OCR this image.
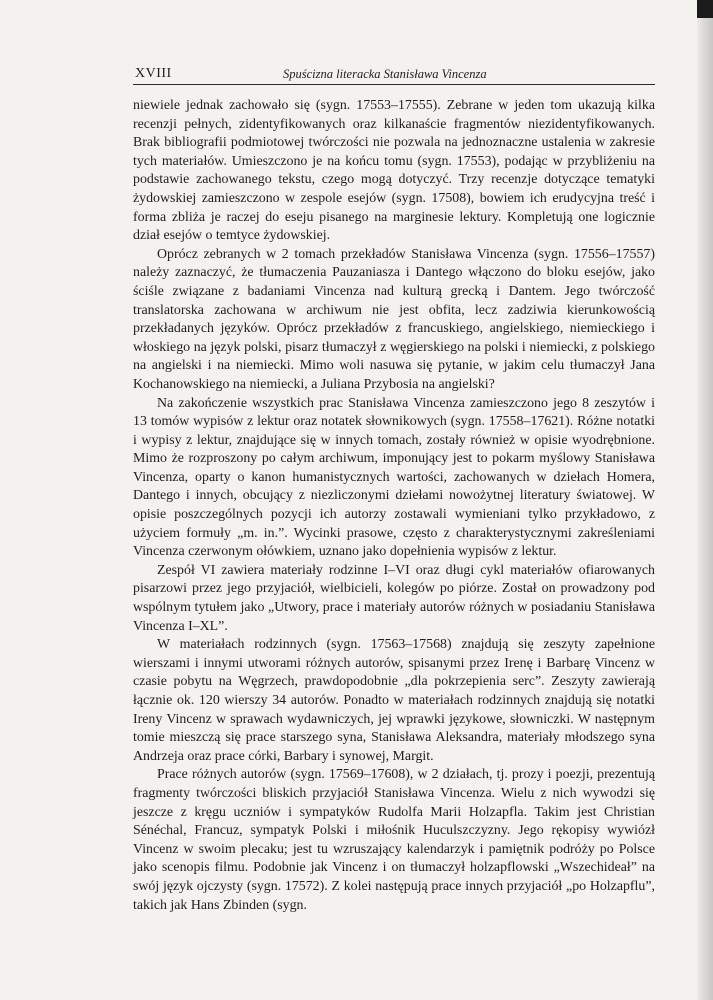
XVIII	Spuścizna literacka Stanisława Vincenza

niewiele jednak zachowało się (sygn. 17553–17555). Zebrane w jeden tom ukazują kilka recenzji pełnych, zidentyfikowanych oraz kilkanaście fragmentów niezidentyfikowanych. Brak bibliografii podmiotowej twórczości nie pozwala na jednoznaczne ustalenia w zakresie tych materiałów. Umieszczono je na końcu tomu (sygn. 17553), podając w przybliżeniu na podstawie zachowanego tekstu, czego mogą dotyczyć. Trzy recenzje dotyczące tematyki żydowskiej zamieszczono w zespole esejów (sygn. 17508), bowiem ich erudycyjna treść i forma zbliża je raczej do eseju pisanego na marginesie lektury. Kompletują one logicznie dział esejów o temtyce żydowskiej.

Oprócz zebranych w 2 tomach przekładów Stanisława Vincenza (sygn. 17556–17557) należy zaznaczyć, że tłumaczenia Pauzaniasza i Dantego włączono do bloku esejów, jako ściśle związane z badaniami Vincenza nad kulturą grecką i Dantem. Jego twórczość translatorska zachowana w archiwum nie jest obfita, lecz zadziwia kierunkowością przekładanych języków. Oprócz przekładów z francuskiego, angielskiego, niemieckiego i włoskiego na język polski, pisarz tłumaczył z węgierskiego na polski i niemiecki, z polskiego na angielski i na niemiecki. Mimo woli nasuwa się pytanie, w jakim celu tłumaczył Jana Kochanowskiego na niemiecki, a Juliana Przybosia na angielski?

Na zakończenie wszystkich prac Stanisława Vincenza zamieszczono jego 8 zeszytów i 13 tomów wypisów z lektur oraz notatek słownikowych (sygn. 17558–17621). Różne notatki i wypisy z lektur, znajdujące się w innych tomach, zostały również w opisie wyodrębnione. Mimo że rozproszony po całym archiwum, imponujący jest to pokarm myślowy Stanisława Vincenza, oparty o kanon humanistycznych wartości, zachowanych w dziełach Homera, Dantego i innych, obcujący z niezliczonymi dziełami nowożytnej literatury światowej. W opisie poszczególnych pozycji ich autorzy zostawali wymieniani tylko przykładowo, z użyciem formuły „m. in.”. Wycinki prasowe, często z charakterystycznymi zakreśleniami Vincenza czerwonym ołówkiem, uznano jako dopełnienia wypisów z lektur.

Zespół VI zawiera materiały rodzinne I–VI oraz długi cykl materiałów ofiarowanych pisarzowi przez jego przyjaciół, wielbicieli, kolegów po piórze. Został on prowadzony pod wspólnym tytułem jako „Utwory, prace i materiały autorów różnych w posiadaniu Stanisława Vincenza I–XL”.

W materiałach rodzinnych (sygn. 17563–17568) znajdują się zeszyty zapełnione wierszami i innymi utworami różnych autorów, spisanymi przez Irenę i Barbarę Vincenz w czasie pobytu na Węgrzech, prawdopodobnie „dla pokrzepienia serc”. Zeszyty zawierają łącznie ok. 120 wierszy 34 autorów. Ponadto w materiałach rodzinnych znajdują się notatki Ireny Vincenz w sprawach wydawniczych, jej wprawki językowe, słowniczki. W następnym tomie mieszczą się prace starszego syna, Stanisława Aleksandra, materiały młodszego syna Andrzeja oraz prace córki, Barbary i synowej, Margit.

Prace różnych autorów (sygn. 17569–17608), w 2 działach, tj. prozy i poezji, prezentują fragmenty twórczości bliskich przyjaciół Stanisława Vincenza. Wielu z nich wywodzi się jeszcze z kręgu uczniów i sympatyków Rudolfa Marii Holzapfla. Takim jest Christian Sénéchal, Francuz, sympatyk Polski i miłośnik Huculszczyzny. Jego rękopisy wywiózł Vincenz w swoim plecaku; jest tu wzruszający kalendarzyk i pamiętnik podróży po Polsce jako scenopis filmu. Podobnie jak Vincenz i on tłumaczył holzapflowski „Wszechideał” na swój język ojczysty (sygn. 17572). Z kolei następują prace innych przyjaciół „po Holzapflu”, takich jak Hans Zbinden (sygn.
